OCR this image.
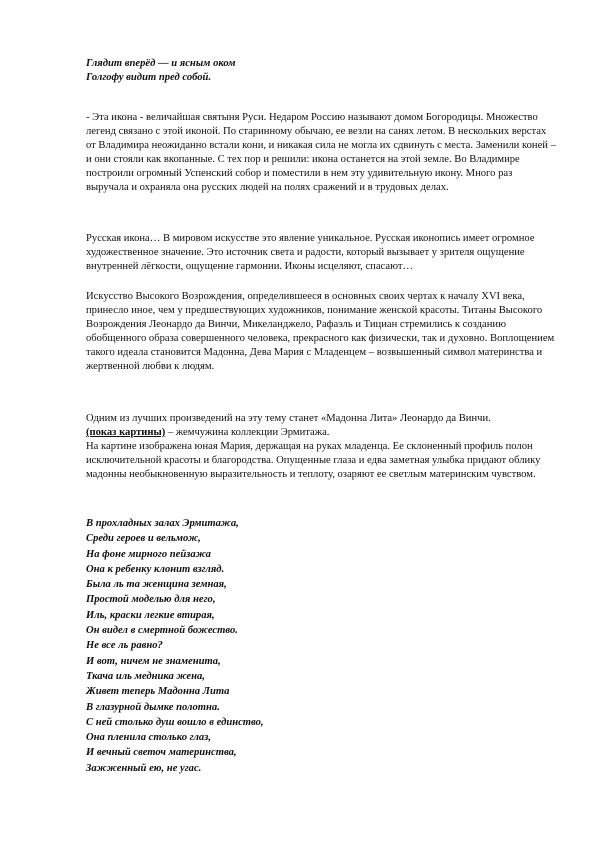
Глядит вперёд — и ясным оком
Голгофу видит пред собой.

- Эта икона - величайшая святыня Руси. Недаром Россию называют домом Богородицы. Множество легенд связано с этой иконой. По старинному обычаю, ее везли на санях летом. В нескольких верстах от Владимира неожиданно встали кони, и никакая сила не могла их сдвинуть с места. Заменили коней – и они стояли как вкопанные. С тех пор и решили: икона останется на этой земле. Во Владимире построили огромный Успенский собор и поместили в нем эту удивительную икону. Много раз выручала и охраняла она русских людей на полях сражений и в трудовых делах.

Русская икона… В мировом искусстве это явление уникальное. Русская иконопись имеет огромное художественное значение. Это источник света и радости, который вызывает у зрителя ощущение внутренней лёгкости, ощущение гармонии. Иконы исцеляют, спасают…

Искусство Высокого Возрождения, определившееся в основных своих чертах к началу XVI века, принесло иное, чем у предшествующих художников, понимание женской красоты. Титаны Высокого Возрождения Леонардо да Винчи, Микеланджело, Рафаэль и Тициан стремились к созданию обобщенного образа совершенного человека, прекрасного как физически, так и духовно. Воплощением такого идеала становится Мадонна, Дева Мария с Младенцем – возвышенный символ материнства и жертвенной любви к людям.

Одним из лучших произведений на эту тему станет «Мадонна Лита» Леонардо да Винчи.
(показ картины) – жемчужина коллекции Эрмитажа.
На картине изображена юная Мария, держащая на руках младенца. Ее склоненный профиль полон исключительной красоты и благородства. Опущенные глаза и едва заметная улыбка придают облику мадонны необыкновенную выразительность и теплоту, озаряют ее светлым материнским чувством.

В прохладных залах Эрмитажа,
Среди героев и вельмож,
На фоне мирного пейзажа
Она к ребенку клонит взгляд.
Была ль та женщина земная,
Простой моделью для него,
Иль, краски легкие втирая,
Он видел в смертной божество.
Не все ль равно?
И вот, ничем не знаменита,
Ткача иль медника жена,
Живет теперь Мадонна Лита
В глазурной дымке полотна.
С ней столько душ вошло в единство,
Она пленила столько глаз,
И вечный светоч материнства,
Зажженный ею, не угас.
